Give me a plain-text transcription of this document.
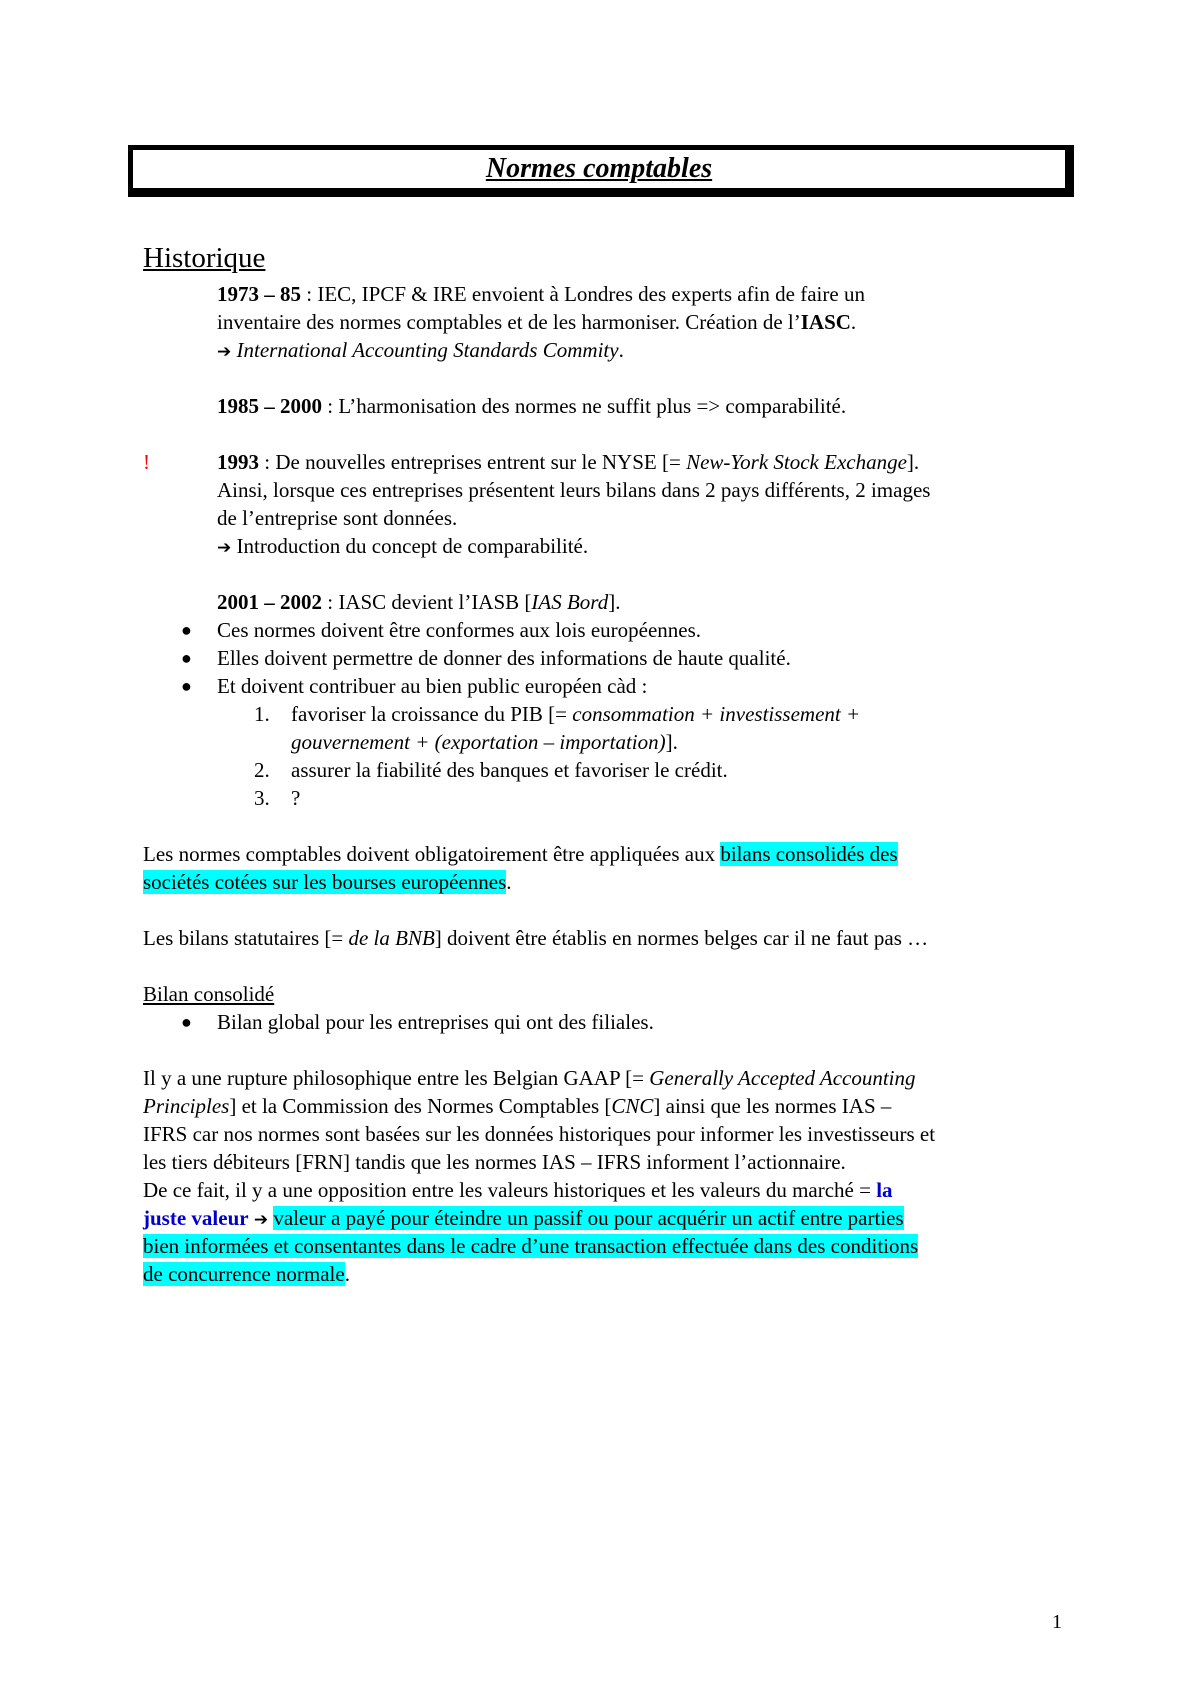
Normes comptables
Historique
1973 – 85 : IEC, IPCF & IRE envoient à Londres des experts afin de faire un
inventaire des normes comptables et de les harmoniser. Création de l’IASC.
➔ International Accounting Standards Commity.
1985 – 2000 : L’harmonisation des normes ne suffit plus => comparabilité.
!	1993 : De nouvelles entreprises entrent sur le NYSE [= New-York Stock Exchange].
Ainsi, lorsque ces entreprises présentent leurs bilans dans 2 pays différents, 2 images
de l’entreprise sont données.
➔ Introduction du concept de comparabilité.
2001 – 2002 : IASC devient l’IASB [IAS Bord].
● Ces normes doivent être conformes aux lois européennes.
● Elles doivent permettre de donner des informations de haute qualité.
● Et doivent contribuer au bien public européen càd :
1. favoriser la croissance du PIB [= consommation + investissement +
gouvernement + (exportation – importation)].
2. assurer la fiabilité des banques et favoriser le crédit.
3. ?
Les normes comptables doivent obligatoirement être appliquées aux bilans consolidés des
sociétés cotées sur les bourses européennes.
Les bilans statutaires [= de la BNB] doivent être établis en normes belges car il ne faut pas …
Bilan consolidé
● Bilan global pour les entreprises qui ont des filiales.
Il y a une rupture philosophique entre les Belgian GAAP [= Generally Accepted Accounting
Principles] et la Commission des Normes Comptables [CNC] ainsi que les normes IAS –
IFRS car nos normes sont basées sur les données historiques pour informer les investisseurs et
les tiers débiteurs [FRN] tandis que les normes IAS – IFRS informent l’actionnaire.
De ce fait, il y a une opposition entre les valeurs historiques et les valeurs du marché = la
juste valeur ➔ valeur a payé pour éteindre un passif ou pour acquérir un actif entre parties
bien informées et consentantes dans le cadre d’une transaction effectuée dans des conditions
de concurrence normale.
1
